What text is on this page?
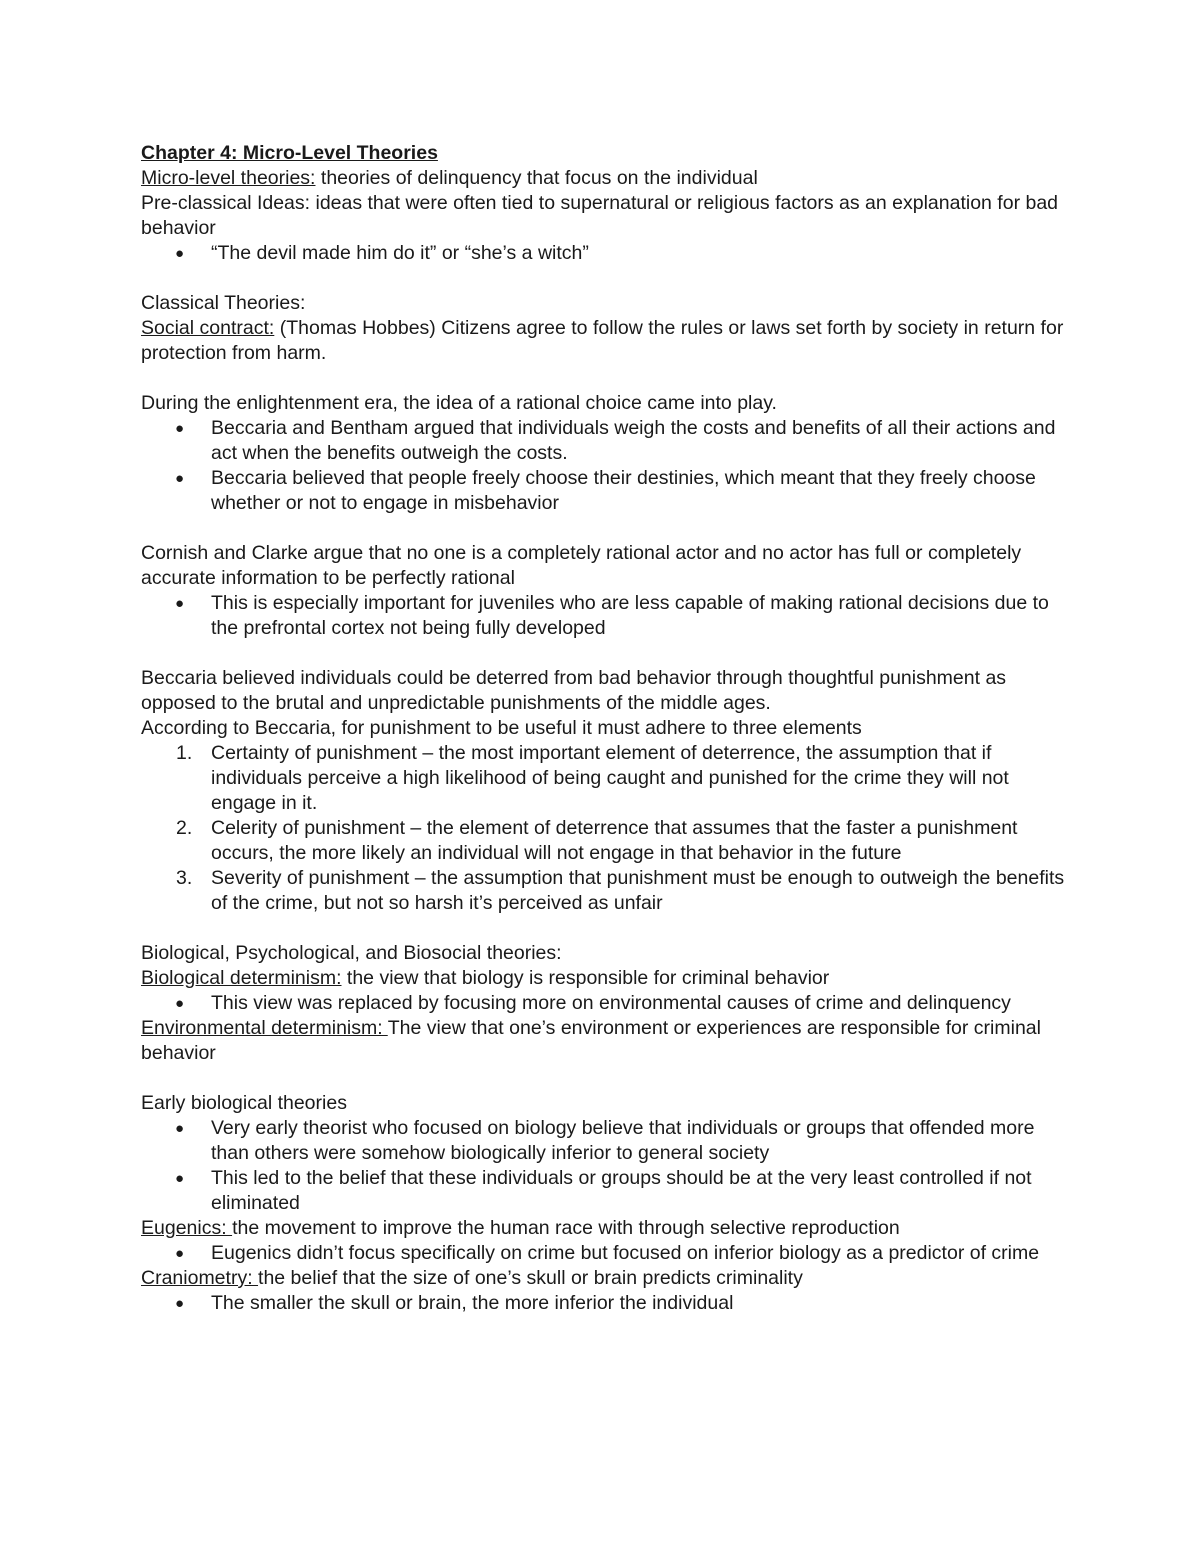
Chapter 4: Micro-Level Theories

Micro-level theories: theories of delinquency that focus on the individual

Pre-classical Ideas: ideas that were often tied to supernatural or religious factors as an explanation for bad behavior

● “The devil made him do it” or “she’s a witch”

Classical Theories:

Social contract: (Thomas Hobbes) Citizens agree to follow the rules or laws set forth by society in return for protection from harm.

During the enlightenment era, the idea of a rational choice came into play.

● Beccaria and Bentham argued that individuals weigh the costs and benefits of all their actions and act when the benefits outweigh the costs.
● Beccaria believed that people freely choose their destinies, which meant that they freely choose whether or not to engage in misbehavior

Cornish and Clarke argue that no one is a completely rational actor and no actor has full or completely accurate information to be perfectly rational

● This is especially important for juveniles who are less capable of making rational decisions due to the prefrontal cortex not being fully developed

Beccaria believed individuals could be deterred from bad behavior through thoughtful punishment as opposed to the brutal and unpredictable punishments of the middle ages.

According to Beccaria, for punishment to be useful it must adhere to three elements

1. Certainty of punishment – the most important element of deterrence, the assumption that if individuals perceive a high likelihood of being caught and punished for the crime they will not engage in it.
2. Celerity of punishment – the element of deterrence that assumes that the faster a punishment occurs, the more likely an individual will not engage in that behavior in the future
3. Severity of punishment – the assumption that punishment must be enough to outweigh the benefits of the crime, but not so harsh it’s perceived as unfair

Biological, Psychological, and Biosocial theories:

Biological determinism: the view that biology is responsible for criminal behavior

● This view was replaced by focusing more on environmental causes of crime and delinquency

Environmental determinism: The view that one’s environment or experiences are responsible for criminal behavior

Early biological theories

● Very early theorist who focused on biology believe that individuals or groups that offended more than others were somehow biologically inferior to general society
● This led to the belief that these individuals or groups should be at the very least controlled if not eliminated

Eugenics: the movement to improve the human race with through selective reproduction

● Eugenics didn’t focus specifically on crime but focused on inferior biology as a predictor of crime

Craniometry: the belief that the size of one’s skull or brain predicts criminality

● The smaller the skull or brain, the more inferior the individual
